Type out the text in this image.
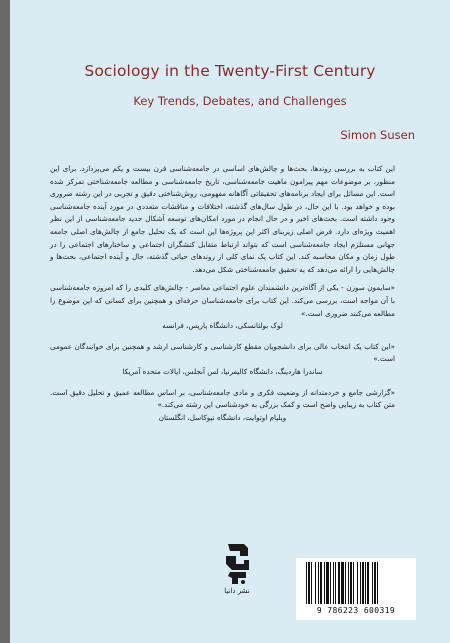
Sociology in the Twenty-First Century
Key Trends, Debates, and Challenges
Simon Susen

این کتاب به بررسی روندها، بحث‌ها و چالش‌های اساسی در جامعه‌شناسی قرن بیست و یکم می‌پردازد. برای این منظور، بر موضوعات مهم پیرامون ماهیت جامعه‌شناسی، تاریخ جامعه‌شناسی و مطالعه جامعه‌شناختی تمرکز شده است. این مسائل برای ایجاد برنامه‌های تحقیقاتی آگاهانه مفهومی، روش‌شناختی دقیق و تجربی در این رشته ضروری بوده و خواهد بود. با این حال، در طول سال‌های گذشته، اختلافات و مناقشات متعددی در مورد آینده جامعه‌شناسی وجود داشته است. بحث‌های اخیر و در حال انجام در مورد امکان‌های توسعه آشکال جدید جامعه‌شناسی از این نظر اهمیت ویژه‌ای دارد. فرض اصلی زیربنای اکثر این پروژه‌ها این است که یک تحلیل جامع از چالش‌های اصلی جامعه جهانی مستلزم ایجاد جامعه‌شناسی است که بتواند ارتباط متقابل کنشگران اجتماعی و ساختارهای اجتماعی را در طول زمان و مکان محاسبه کند. این کتاب یک نمای کلی از روندهای حیاتی گذشته، حال و آینده اجتماعی، بحث‌ها و چالش‌هایی را ارائه می‌دهد که به تحقیق جامعه‌شناختی شکل می‌دهد.

«سایمون سوزن - یکی از آگاه‌ترین دانشمندان علوم اجتماعی معاصر - چالش‌های کلیدی را که امروزه جامعه‌شناسی با آن مواجه است، بررسی می‌کند. این کتاب برای جامعه‌شناسان حرفه‌ای و همچنین برای کسانی که این موضوع را مطالعه می‌کنند ضروری است.»

لوک بولتانسکی، دانشگاه پاریس، فرانسه

«این کتاب یک انتخاب عالی برای دانشجویان مقطع کارشناسی و کارشناسی ارشد و همچنین برای خوانندگان عمومی است.»

ساندرا هاردینگ، دانشگاه کالیفرنیا، لس آنجلس، ایالات متحده آمریکا

«گزارشی جامع و خردمندانه از وضعیت فکری و مادی جامعه‌شناسی، بر اساس مطالعه عمیق و تحلیل دقیق است. متن کتاب به زیبایی واضح است و کمک بزرگی به خودشناسی این رشته می‌کند.»

ویلیام اوتوایت، دانشگاه نیوکاسل، انگلستان
نشر دانیا
9 786223 600319
